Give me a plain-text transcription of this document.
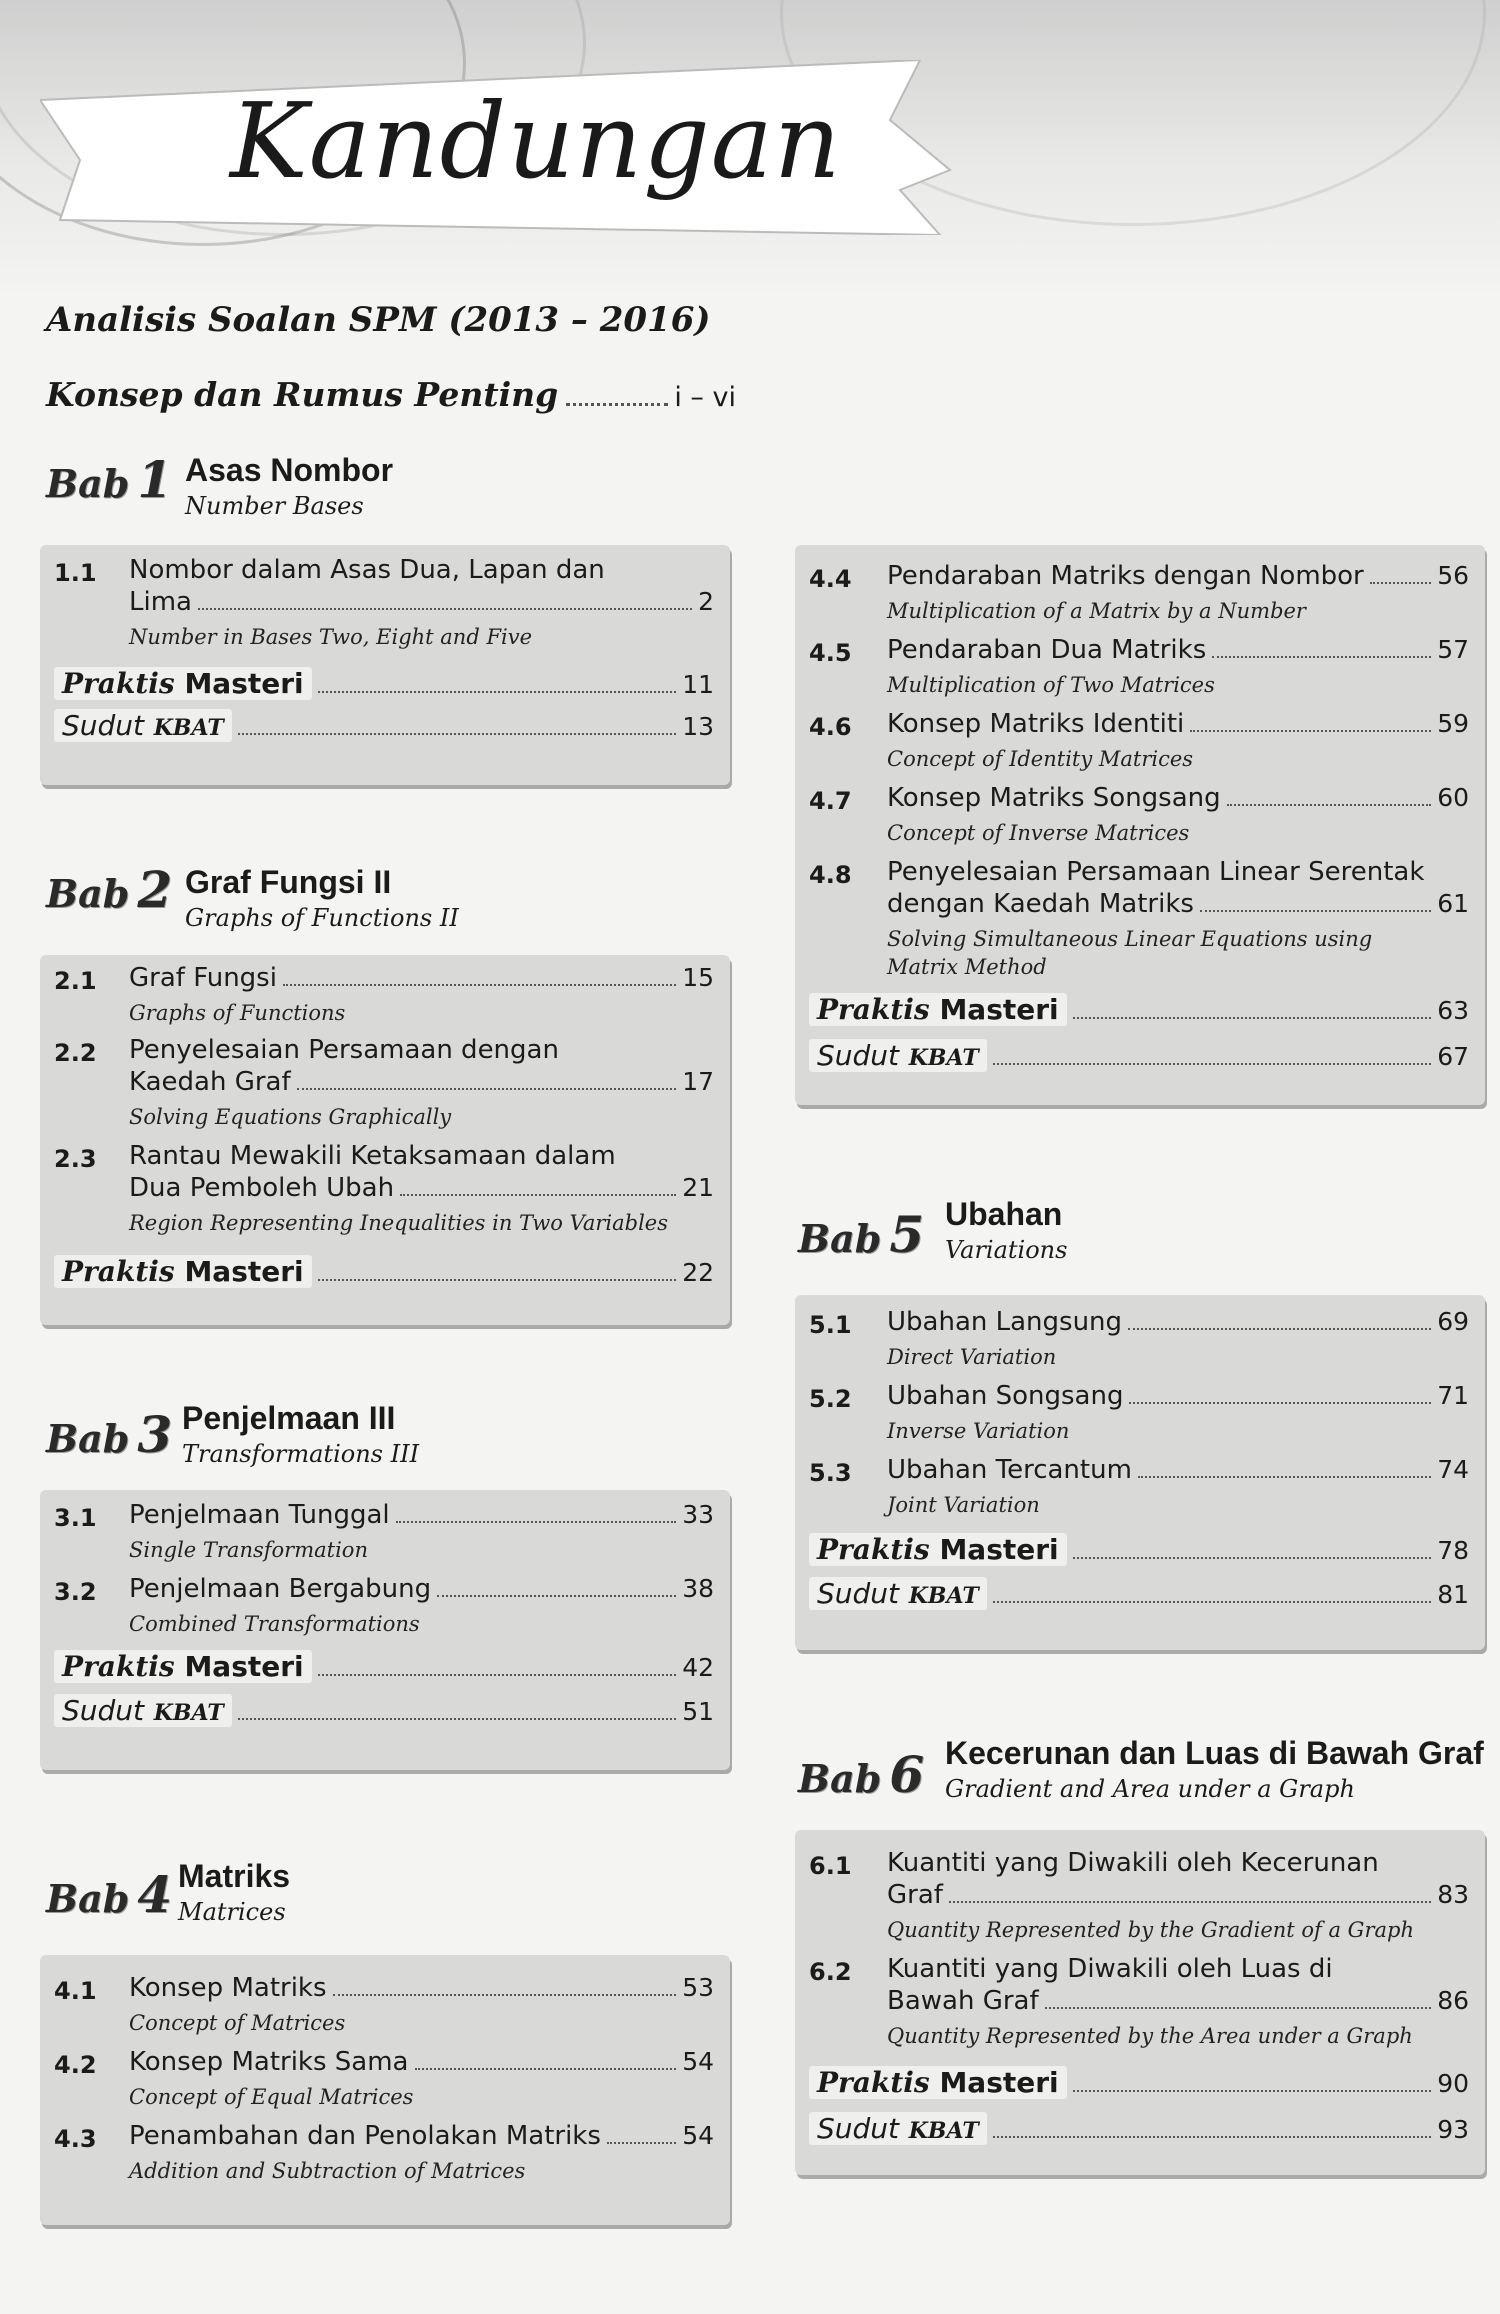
Kandungan
Analisis Soalan SPM (2013 – 2016)
Konsep dan Rumus Penting	i – vi
Bab 1 Asas Nombor
Number Bases
1.1 Nombor dalam Asas Dua, Lapan dan
Lima	2
Number in Bases Two, Eight and Five
Praktis Masteri	11
Sudut KBAT	13
Bab 2 Graf Fungsi II
Graphs of Functions II
2.1 Graf Fungsi	15
Graphs of Functions
2.2 Penyelesaian Persamaan dengan
Kaedah Graf	17
Solving Equations Graphically
2.3 Rantau Mewakili Ketaksamaan dalam
Dua Pemboleh Ubah	21
Region Representing Inequalities in Two Variables
Praktis Masteri	22
Bab 3 Penjelmaan III
Transformations III
3.1 Penjelmaan Tunggal	33
Single Transformation
3.2 Penjelmaan Bergabung	38
Combined Transformations
Praktis Masteri	42
Sudut KBAT	51
Bab 4 Matriks
Matrices
4.1 Konsep Matriks	53
Concept of Matrices
4.2 Konsep Matriks Sama	54
Concept of Equal Matrices
4.3 Penambahan dan Penolakan Matriks	54
Addition and Subtraction of Matrices
4.4 Pendaraban Matriks dengan Nombor	56
Multiplication of a Matrix by a Number
4.5 Pendaraban Dua Matriks	57
Multiplication of Two Matrices
4.6 Konsep Matriks Identiti	59
Concept of Identity Matrices
4.7 Konsep Matriks Songsang	60
Concept of Inverse Matrices
4.8 Penyelesaian Persamaan Linear Serentak
dengan Kaedah Matriks	61
Solving Simultaneous Linear Equations using
Matrix Method
Praktis Masteri	63
Sudut KBAT	67
Bab 5 Ubahan
Variations
5.1 Ubahan Langsung	69
Direct Variation
5.2 Ubahan Songsang	71
Inverse Variation
5.3 Ubahan Tercantum	74
Joint Variation
Praktis Masteri	78
Sudut KBAT	81
Bab 6 Kecerunan dan Luas di Bawah Graf
Gradient and Area under a Graph
6.1 Kuantiti yang Diwakili oleh Kecerunan
Graf	83
Quantity Represented by the Gradient of a Graph
6.2 Kuantiti yang Diwakili oleh Luas di
Bawah Graf	86
Quantity Represented by the Area under a Graph
Praktis Masteri	90
Sudut KBAT	93
